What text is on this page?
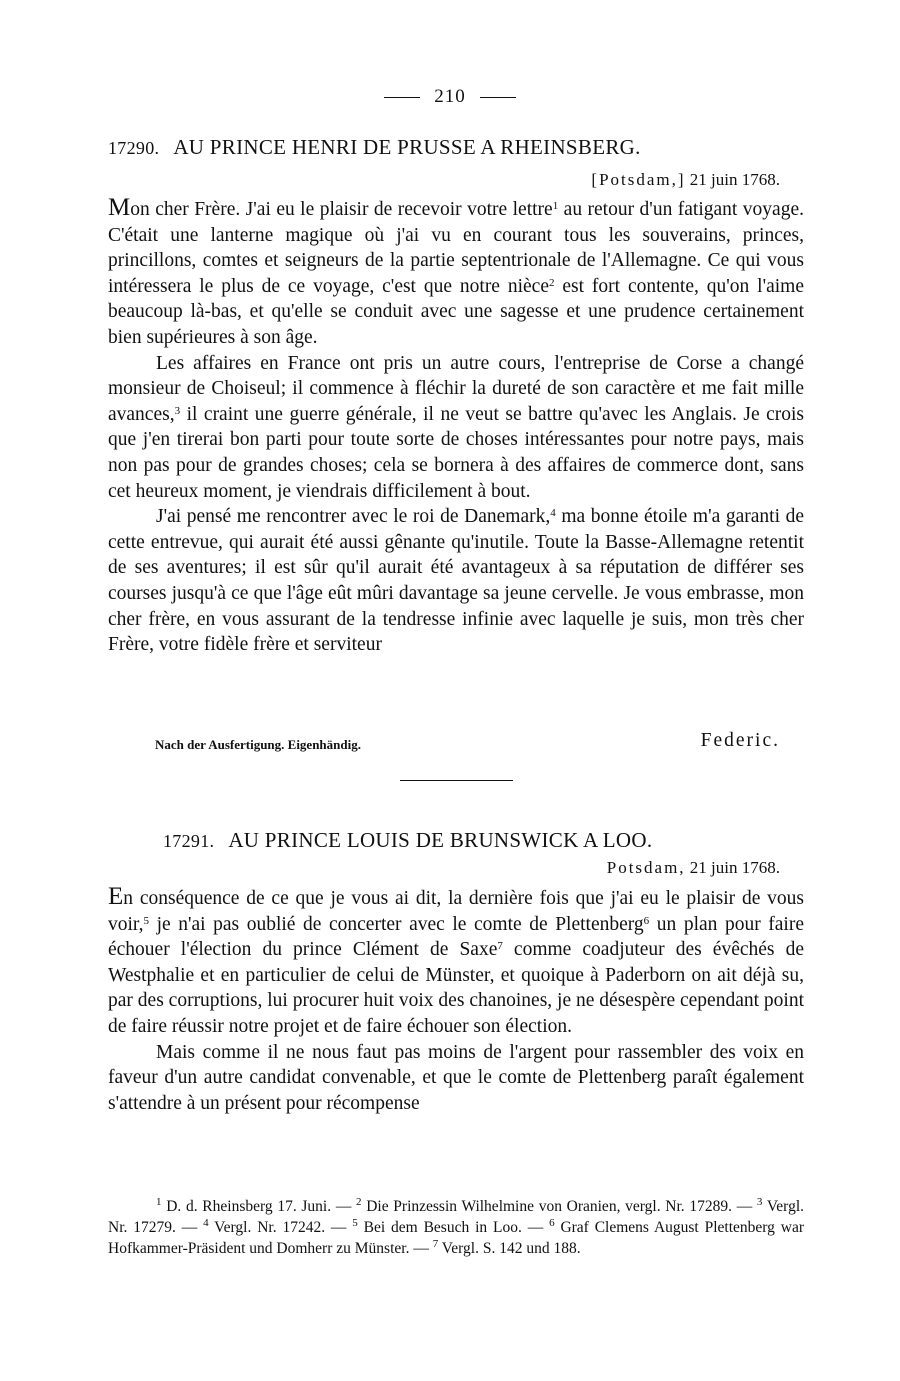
210
17290. AU PRINCE HENRI DE PRUSSE A RHEINSBERG.
[Potsdam,] 21 juin 1768.

Mon cher Frère. J'ai eu le plaisir de recevoir votre lettre$^1$ au retour d'un fatigant voyage. C'était une lanterne magique où j'ai vu en courant tous les souverains, princes, princillons, comtes et seigneurs de la partie septentrionale de l'Allemagne. Ce qui vous intéressera le plus de ce voyage, c'est que notre nièce$^2$ est fort contente, qu'on l'aime beaucoup là-bas, et qu'elle se conduit avec une sagesse et une prudence certainement bien supérieures à son âge.

Les affaires en France ont pris un autre cours, l'entreprise de Corse a changé monsieur de Choiseul; il commence à fléchir la dureté de son caractère et me fait mille avances,$^3$ il craint une guerre générale, il ne veut se battre qu'avec les Anglais. Je crois que j'en tirerai bon parti pour toute sorte de choses intéressantes pour notre pays, mais non pas pour de grandes choses; cela se bornera à des affaires de commerce dont, sans cet heureux moment, je viendrais difficilement à bout.

J'ai pensé me rencontrer avec le roi de Danemark,$^4$ ma bonne étoile m'a garanti de cette entrevue, qui aurait été aussi gênante qu'inutile. Toute la Basse-Allemagne retentit de ses aventures; il est sûr qu'il aurait été avantageux à sa réputation de différer ses courses jusqu'à ce que l'âge eût mûri davantage sa jeune cervelle. Je vous embrasse, mon cher frère, en vous assurant de la tendresse infinie avec laquelle je suis, mon très cher Frère, votre fidèle frère et serviteur

Nach der Ausfertigung. Eigenhändig.	Federic.
17291. AU PRINCE LOUIS DE BRUNSWICK A LOO.
Potsdam, 21 juin 1768.

En conséquence de ce que je vous ai dit, la dernière fois que j'ai eu le plaisir de vous voir,$^5$ je n'ai pas oublié de concerter avec le comte de Plettenberg$^6$ un plan pour faire échouer l'élection du prince Clément de Saxe$^7$ comme coadjuteur des évêchés de Westphalie et en particulier de celui de Münster, et quoique à Paderborn on ait déjà su, par des corruptions, lui procurer huit voix des chanoines, je ne désespère cependant point de faire réussir notre projet et de faire échouer son élection.

Mais comme il ne nous faut pas moins de l'argent pour rassembler des voix en faveur d'un autre candidat convenable, et que le comte de Plettenberg paraît également s'attendre à un présent pour récompense

$^1$ D. d. Rheinsberg 17. Juni. — $^2$ Die Prinzessin Wilhelmine von Oranien, vergl. Nr. 17289. — $^3$ Vergl. Nr. 17279. — $^4$ Vergl. Nr. 17242. — $^5$ Bei dem Besuch in Loo. — $^6$ Graf Clemens August Plettenberg war Hofkammer-Präsident und Domherr zu Münster. — $^7$ Vergl. S. 142 und 188.
